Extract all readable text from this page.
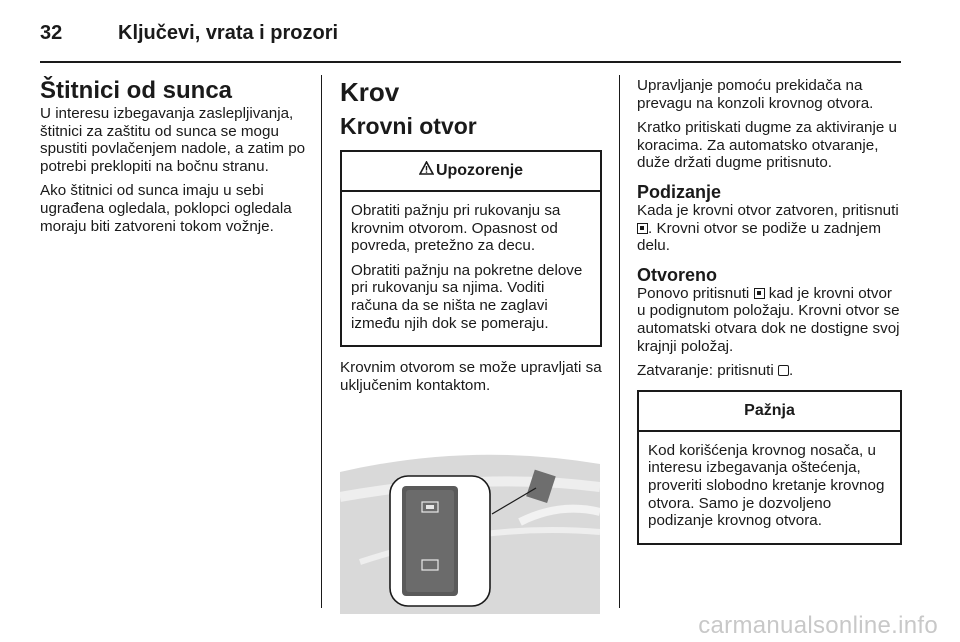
32	Ključevi, vrata i prozori
Štitnici od sunca

U interesu izbegavanja zaslepljivanja, štitnici za zaštitu od sunca se mogu spustiti povlačenjem nadole, a zatim po potrebi preklopiti na bočnu stranu.

Ako štitnici od sunca imaju u sebi ugrađena ogledala, poklopci ogledala moraju biti zatvoreni tokom vožnje.

Krov
Krovni otvor
Upozorenje

Obratiti pažnju pri rukovanju sa krovnim otvorom. Opasnost od povreda, pretežno za decu.

Obratiti pažnju na pokretne delove pri rukovanju sa njima. Voditi računa da se ništa ne zaglavi između njih dok se pomeraju.

Krovnim otvorom se može upravljati sa uključenim kontaktom.

Upravljanje pomoću prekidača na prevagu na konzoli krovnog otvora.

Kratko pritiskati dugme za aktiviranje u koracima. Za automatsko otvaranje, duže držati dugme pritisnuto.

Podizanje

Kada je krovni otvor zatvoren, pritisnuti . Krovni otvor se podiže u zadnjem delu.

Otvoreno

Ponovo pritisnuti  kad je krovni otvor u podignutom položaju. Krovni otvor se automatski otvara dok ne dostigne svoj krajnji položaj.

Zatvaranje: pritisnuti .

Pažnja

Kod korišćenja krovnog nosača, u interesu izbegavanja oštećenja, proveriti slobodno kretanje krovnog otvora. Samo je dozvoljeno podizanje krovnog otvora.

carmanualsonline.info
